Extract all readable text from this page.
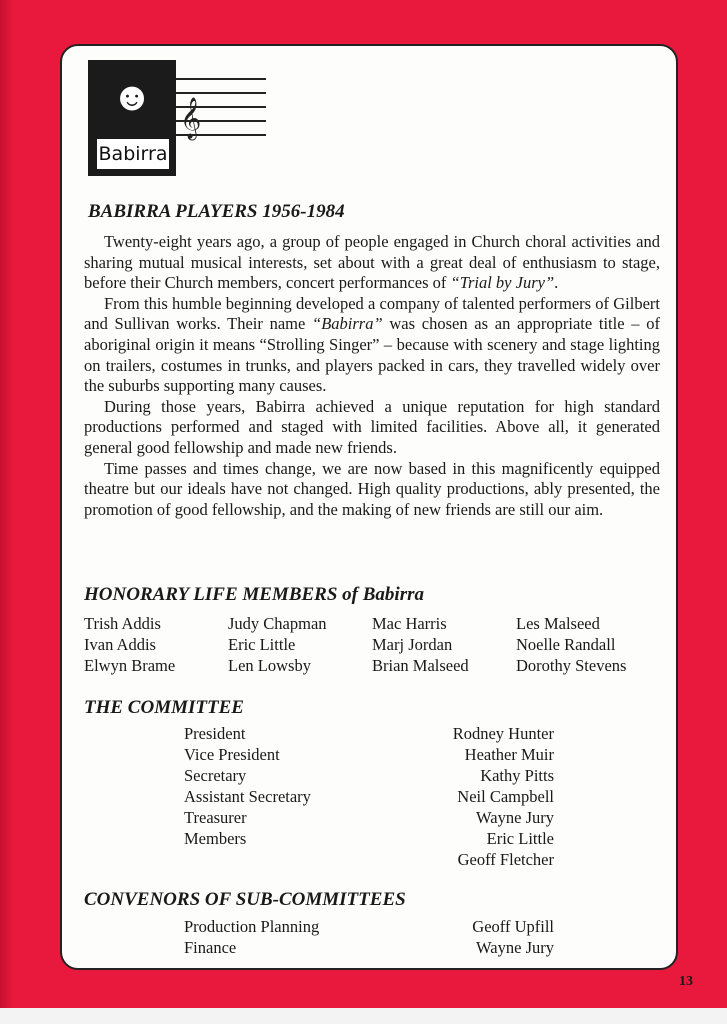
☻ 𝄞
Babirra
BABIRRA PLAYERS 1956-1984

Twenty-eight years ago, a group of people engaged in Church choral activities and sharing mutual musical interests, set about with a great deal of enthusiasm to stage, before their Church members, concert performances of “Trial by Jury”.

From this humble beginning developed a company of talented performers of Gilbert and Sullivan works. Their name “Babirra” was chosen as an appropriate title – of aboriginal origin it means “Strolling Singer” – because with scenery and stage lighting on trailers, costumes in trunks, and players packed in cars, they travelled widely over the suburbs supporting many causes.

During those years, Babirra achieved a unique reputation for high standard productions performed and staged with limited facilities. Above all, it generated general good fellowship and made new friends.

Time passes and times change, we are now based in this magnificently equipped theatre but our ideals have not changed. High quality productions, ably presented, the promotion of good fellowship, and the making of new friends are still our aim.

HONORARY LIFE MEMBERS of Babirra
Trish Addis	Judy Chapman	Mac Harris	Les Malseed
Ivan Addis	Eric Little	Marj Jordan	Noelle Randall
Elwyn Brame	Len Lowsby	Brian Malseed	Dorothy Stevens
THE COMMITTEE
President	Rodney Hunter
Vice President	Heather Muir
Secretary	Kathy Pitts
Assistant Secretary	Neil Campbell
Treasurer	Wayne Jury
Members	Eric Little
Geoff Fletcher
CONVENORS OF SUB-COMMITTEES
Production Planning	Geoff Upfill
Finance	Wayne Jury
13
